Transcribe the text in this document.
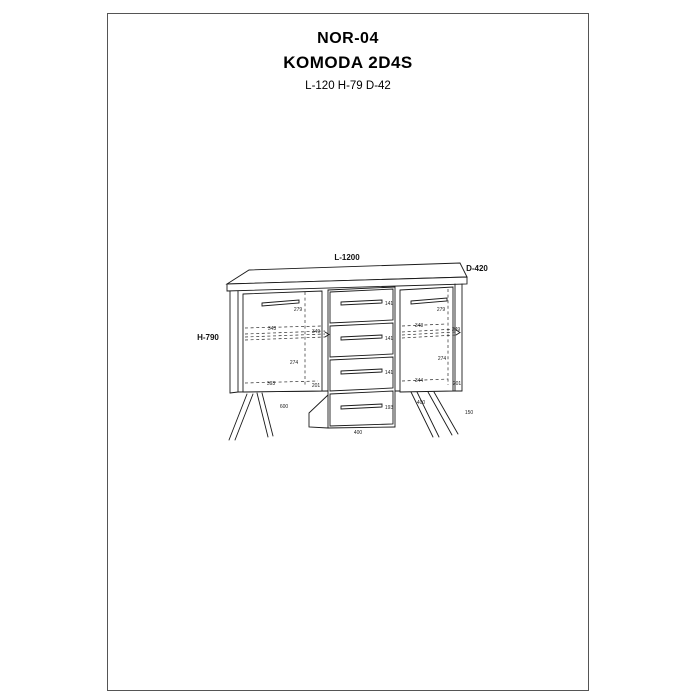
NOR-04
KOMODA 2D4S
L-120 H-79 D-42
L-1200
D-420
H-790
279
343	349
274
393	201
600
141
141
141
193
400
279
343
249
274
344	201
400
150
